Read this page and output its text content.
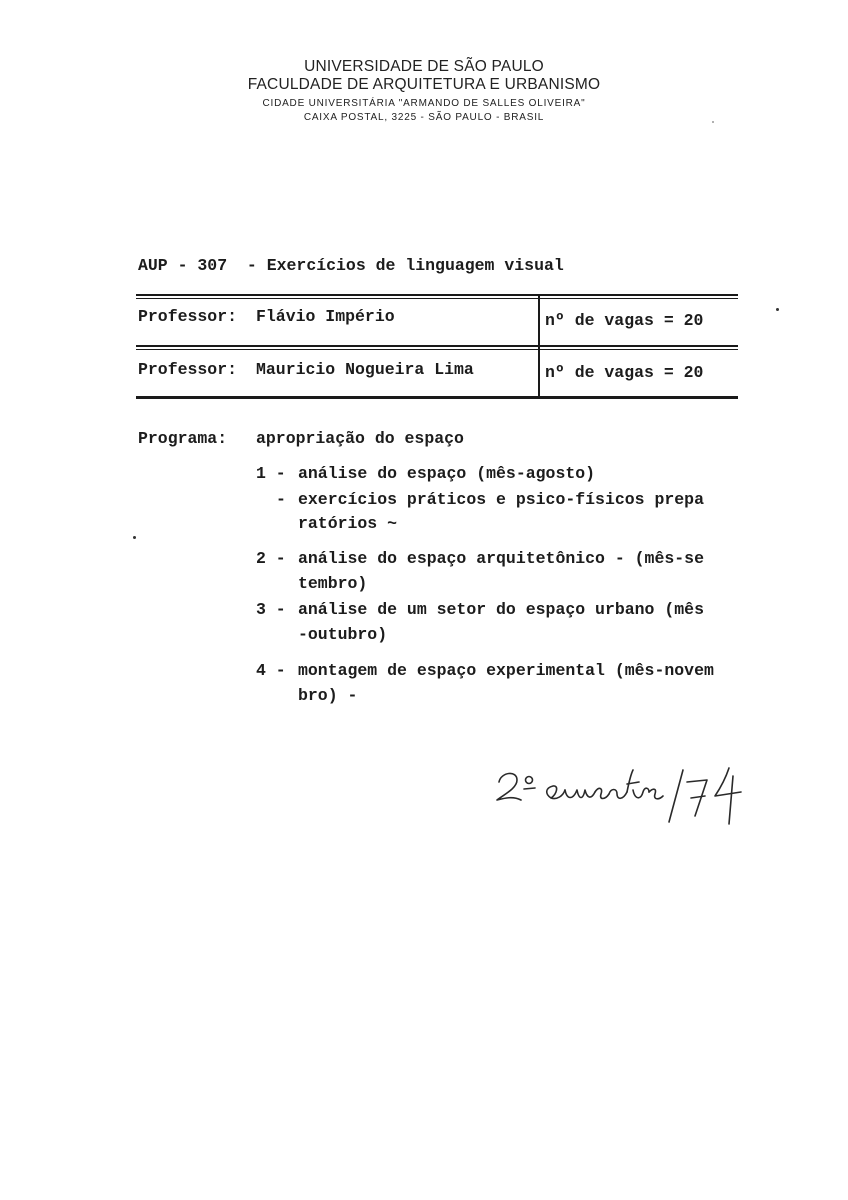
UNIVERSIDADE DE SÃO PAULO
FACULDADE DE ARQUITETURA E URBANISMO
CIDADE UNIVERSITÁRIA "ARMANDO DE SALLES OLIVEIRA"
CAIXA POSTAL, 3225 - SÃO PAULO - BRASIL
AUP - 307  - Exercícios de linguagem visual
Professor: Flávio Império	nº de vagas = 20
Professor: Mauricio Nogueira Lima	nº de vagas = 20
Programa: apropriação do espaço
1 - análise do espaço (mês-agosto)
- exercícios práticos e psico-físicos prepa
ratórios ~
2 - análise do espaço arquitetônico - (mês-se
tembro)
3 - análise de um setor do espaço urbano (mês
-outubro)
4 - montagem de espaço experimental (mês-novem
bro) -
